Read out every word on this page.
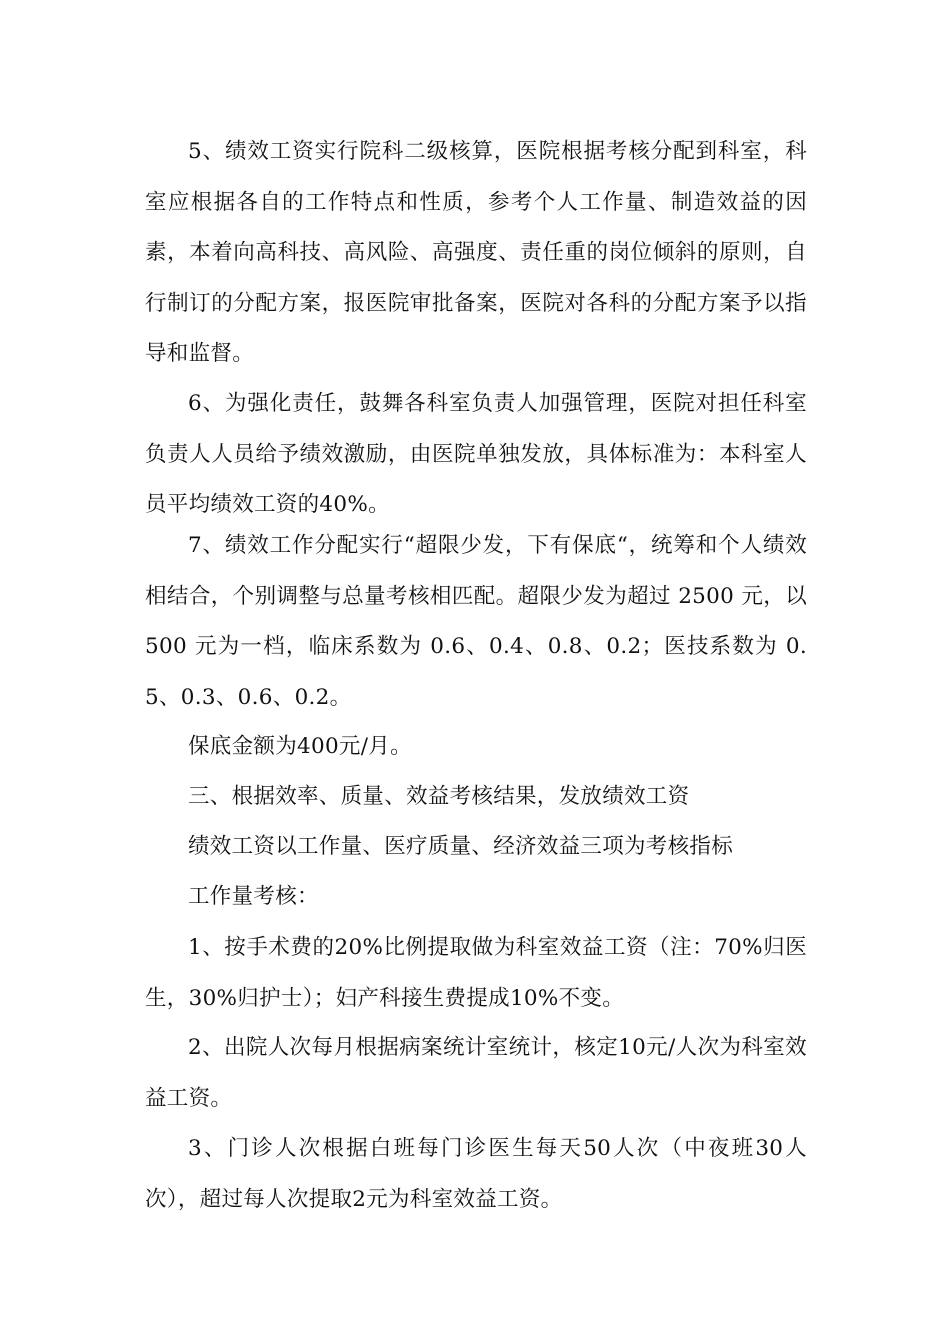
5、绩效工资实行院科二级核算，医院根据考核分配到科室，科室应根据各自的工作特点和性质，参考个人工作量、制造效益的因素，本着向高科技、高风险、高强度、责任重的岗位倾斜的原则，自行制订的分配方案，报医院审批备案，医院对各科的分配方案予以指导和监督。

6、为强化责任，鼓舞各科室负责人加强管理，医院对担任科室负责人人员给予绩效激励，由医院单独发放，具体标准为：本科室人员平均绩效工资的40%。

7、绩效工作分配实行“超限少发，下有保底“，统筹和个人绩效相结合，个别调整与总量考核相匹配。超限少发为超过 2500 元，以 500 元为一档，临床系数为 0.6、0.4、0.8、0.2；医技系数为 0.5、0.3、0.6、0.2。

保底金额为400元/月。

三、根据效率、质量、效益考核结果，发放绩效工资

绩效工资以工作量、医疗质量、经济效益三项为考核指标

工作量考核：

1、按手术费的20%比例提取做为科室效益工资（注：70%归医生，30%归护士）；妇产科接生费提成10%不变。

2、出院人次每月根据病案统计室统计，核定10元/人次为科室效益工资。

3、门诊人次根据白班每门诊医生每天50人次（中夜班30人次），超过每人次提取2元为科室效益工资。
